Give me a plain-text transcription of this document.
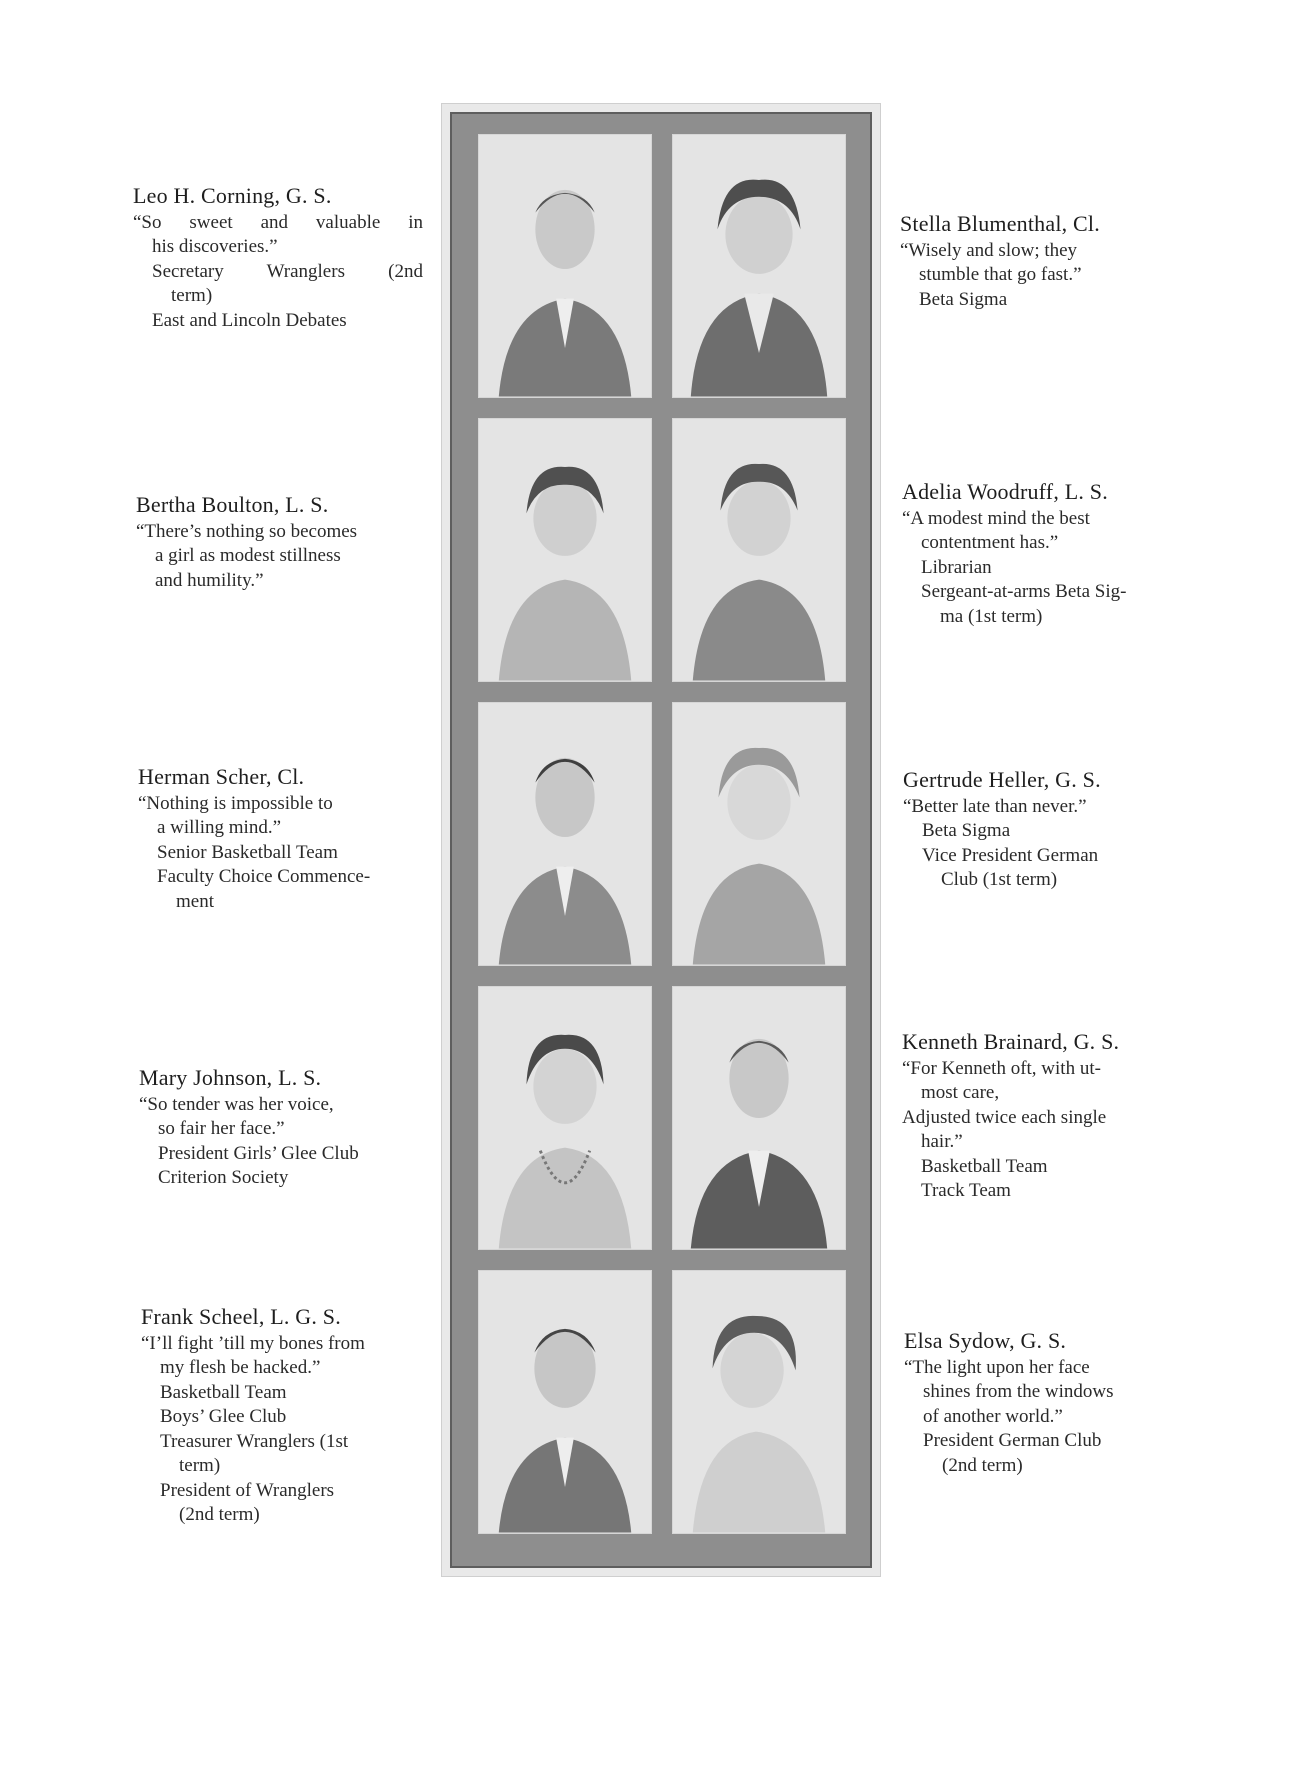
Leo H. Corning, G. S.
“So sweet and valuable in
his discoveries.”
Secretary Wranglers (2nd
term)
East and Lincoln Debates
Bertha Boulton, L. S.
“There’s nothing so becomes
a girl as modest stillness
and humility.”
Herman Scher, Cl.
“Nothing is impossible to
a willing mind.”
Senior Basketball Team
Faculty Choice Commence-
ment
Mary Johnson, L. S.
“So tender was her voice,
so fair her face.”
President Girls’ Glee Club
Criterion Society
Frank Scheel, L. G. S.
“I’ll fight ’till my bones from
my flesh be hacked.”
Basketball Team
Boys’ Glee Club
Treasurer Wranglers (1st
term)
President of Wranglers
(2nd term)
Stella Blumenthal, Cl.
“Wisely and slow; they
stumble that go fast.”
Beta Sigma
Adelia Woodruff, L. S.
“A modest mind the best
contentment has.”
Librarian
Sergeant-at-arms Beta Sig-
ma (1st term)
Gertrude Heller, G. S.
“Better late than never.”
Beta Sigma
Vice President German
Club (1st term)
Kenneth Brainard, G. S.
“For Kenneth oft, with ut-
most care,
Adjusted twice each single
hair.”
Basketball Team
Track Team
Elsa Sydow, G. S.
“The light upon her face
shines from the windows
of another world.”
President German Club
(2nd term)
